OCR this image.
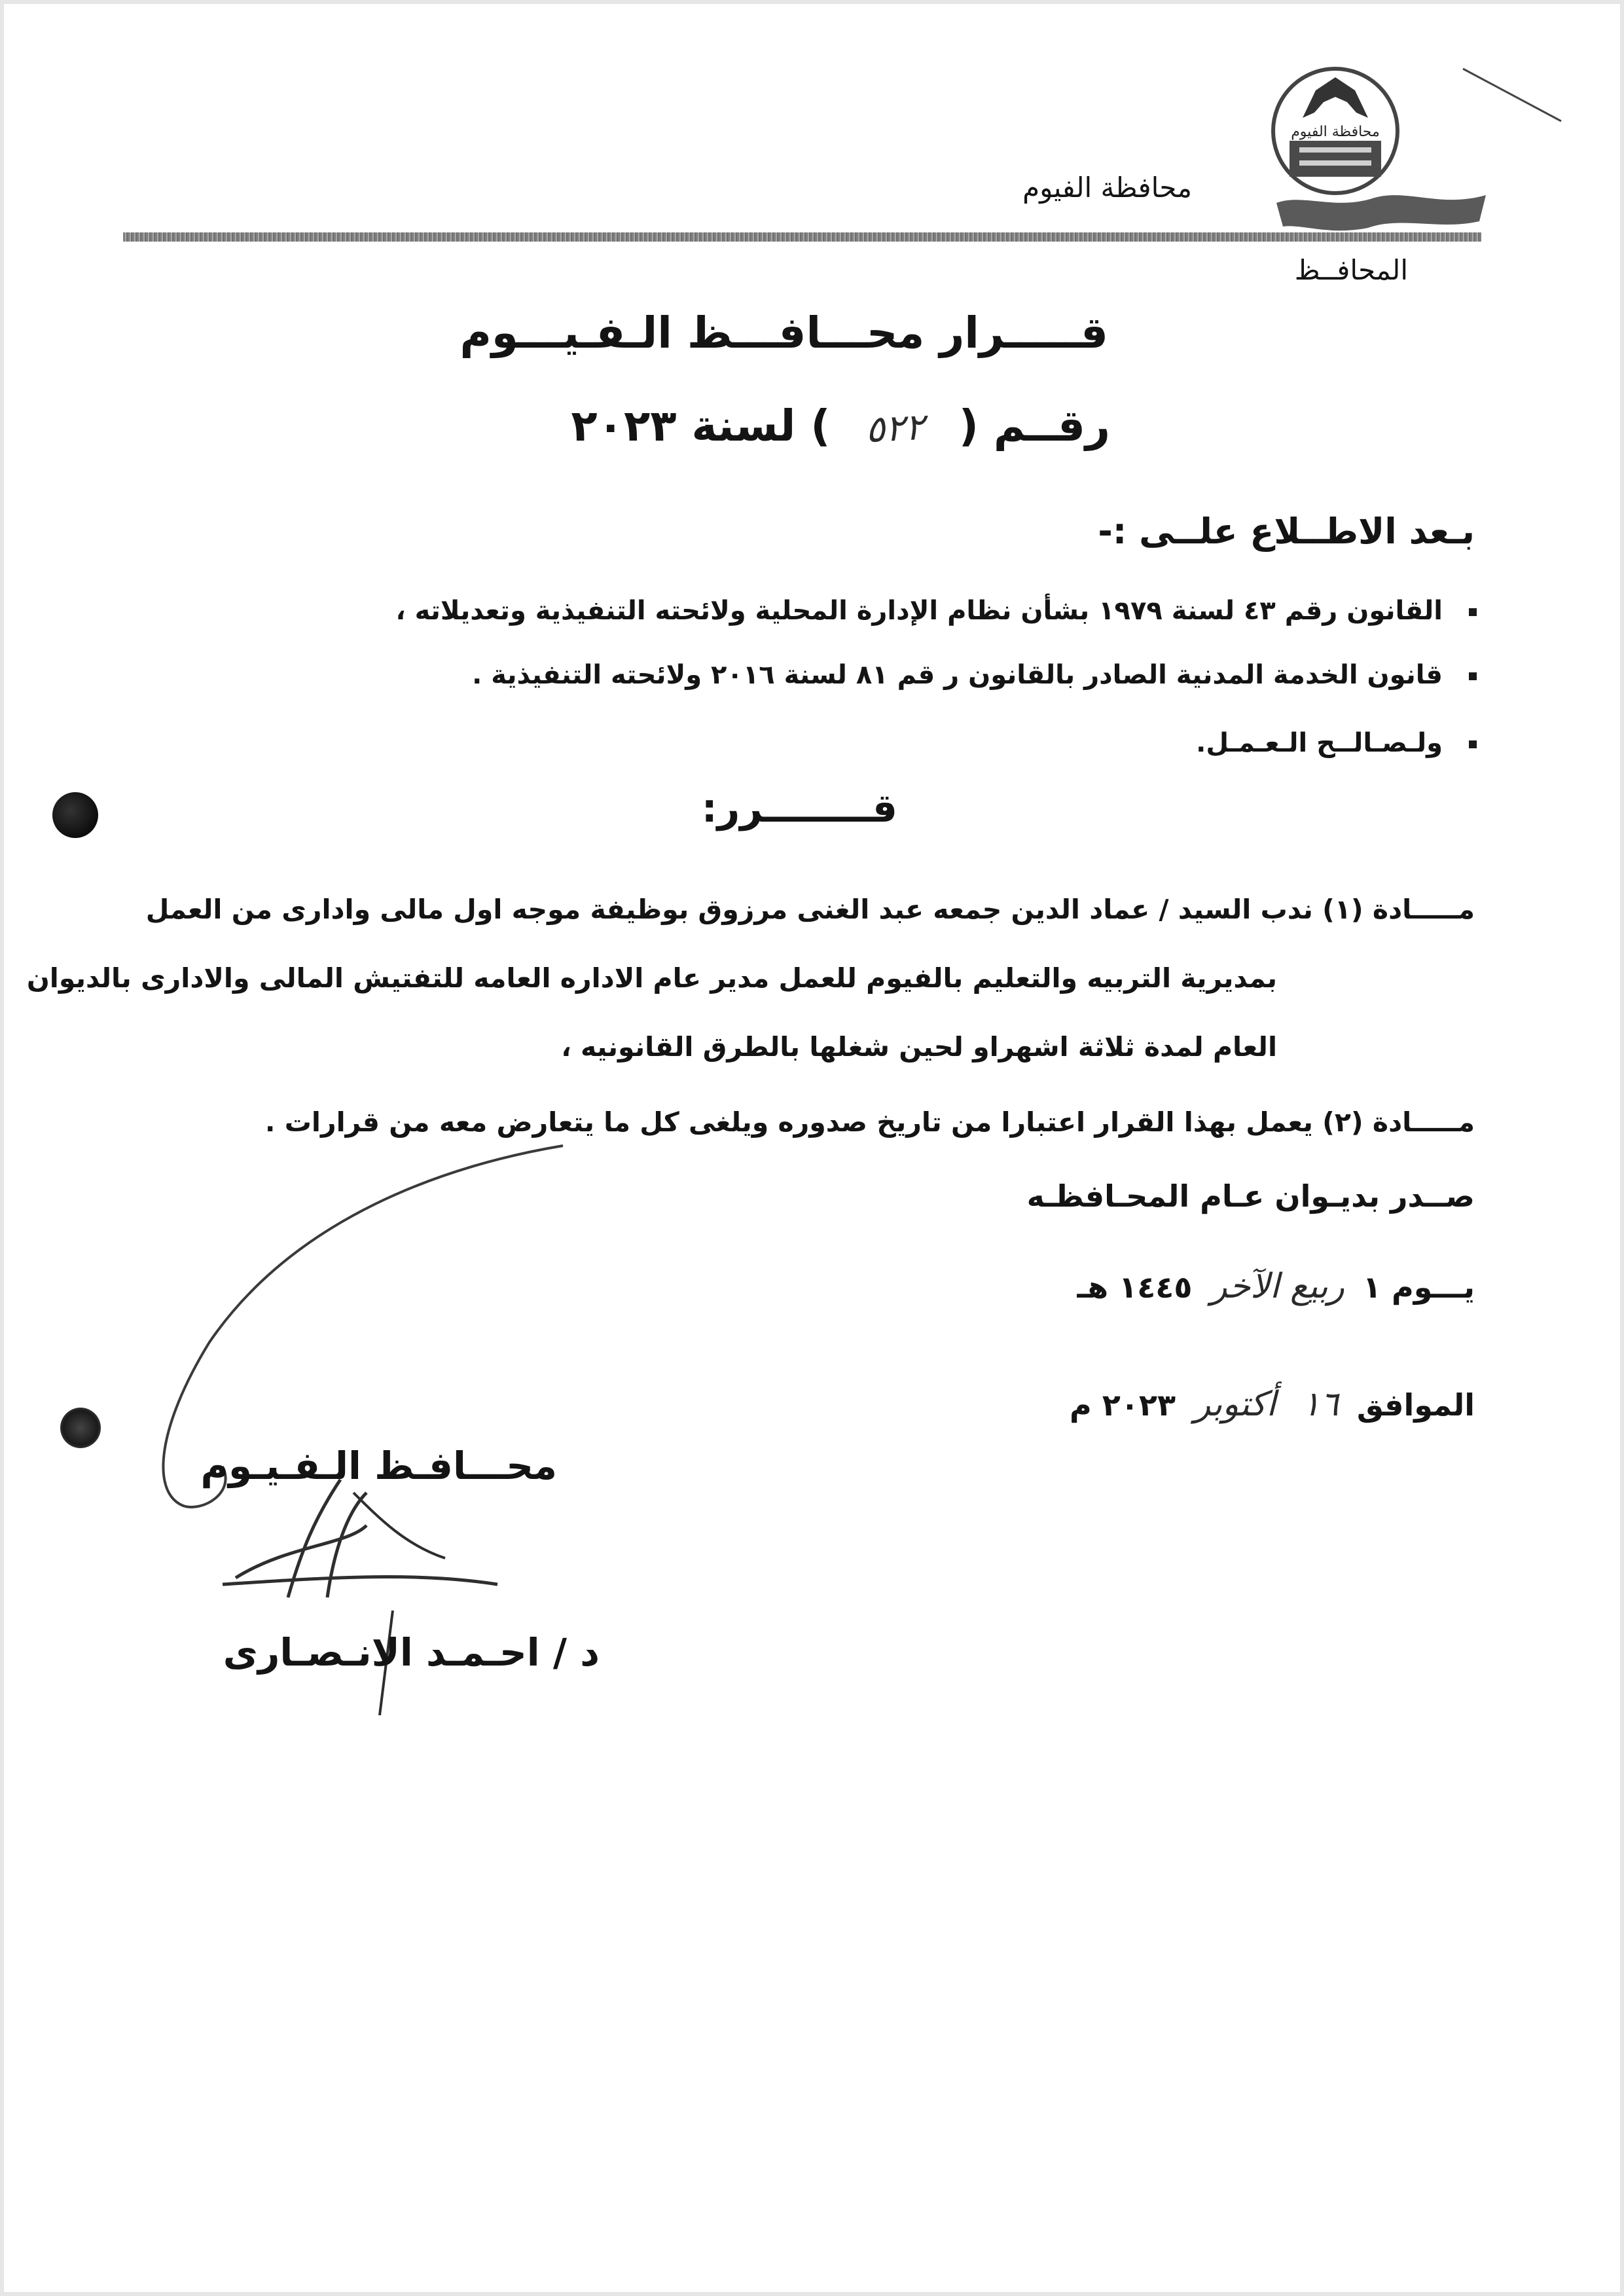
محافظة الفيوم
محافظة الفيوم
المحافــظ
قـــــرار محـــافـــظ الـفـيـــوم
رقــم ( ٥٢٢ ) لسنة ٢٠٢٣
بـعد الاطــلاع علــى :-
القانون رقم ٤٣ لسنة ١٩٧٩ بشأن نظام الإدارة المحلية ولائحته التنفيذية وتعديلاته ،
قانون الخدمة المدنية الصادر بالقانون ر قم ٨١ لسنة ٢٠١٦ ولائحته التنفيذية .
ولـصـالــح الـعـمـل.
قــــــــرر:
مـــــادة (١) ندب السيد / عماد الدين جمعه عبد الغنى مرزوق بوظيفة موجه اول مالى وادارى من العمل
بمديرية التربيه والتعليم بالفيوم للعمل مدير عام الاداره العامه للتفتيش المالى والادارى بالديوان
العام لمدة ثلاثة اشهراو لحين شغلها بالطرق القانونيه ،
مـــــادة (٢) يعمل بهذا القرار اعتبارا من تاريخ صدوره ويلغى كل ما يتعارض معه من قرارات .
صــدر بديـوان عـام المحـافظـه
يـــوم ١ ربيع الآخر ١٤٤٥ هـ
الموافق ١٦ أكتوبر ٢٠٢٣ م
محـــافـظ الـفـيـوم
د / احـمـد الانـصـارى
